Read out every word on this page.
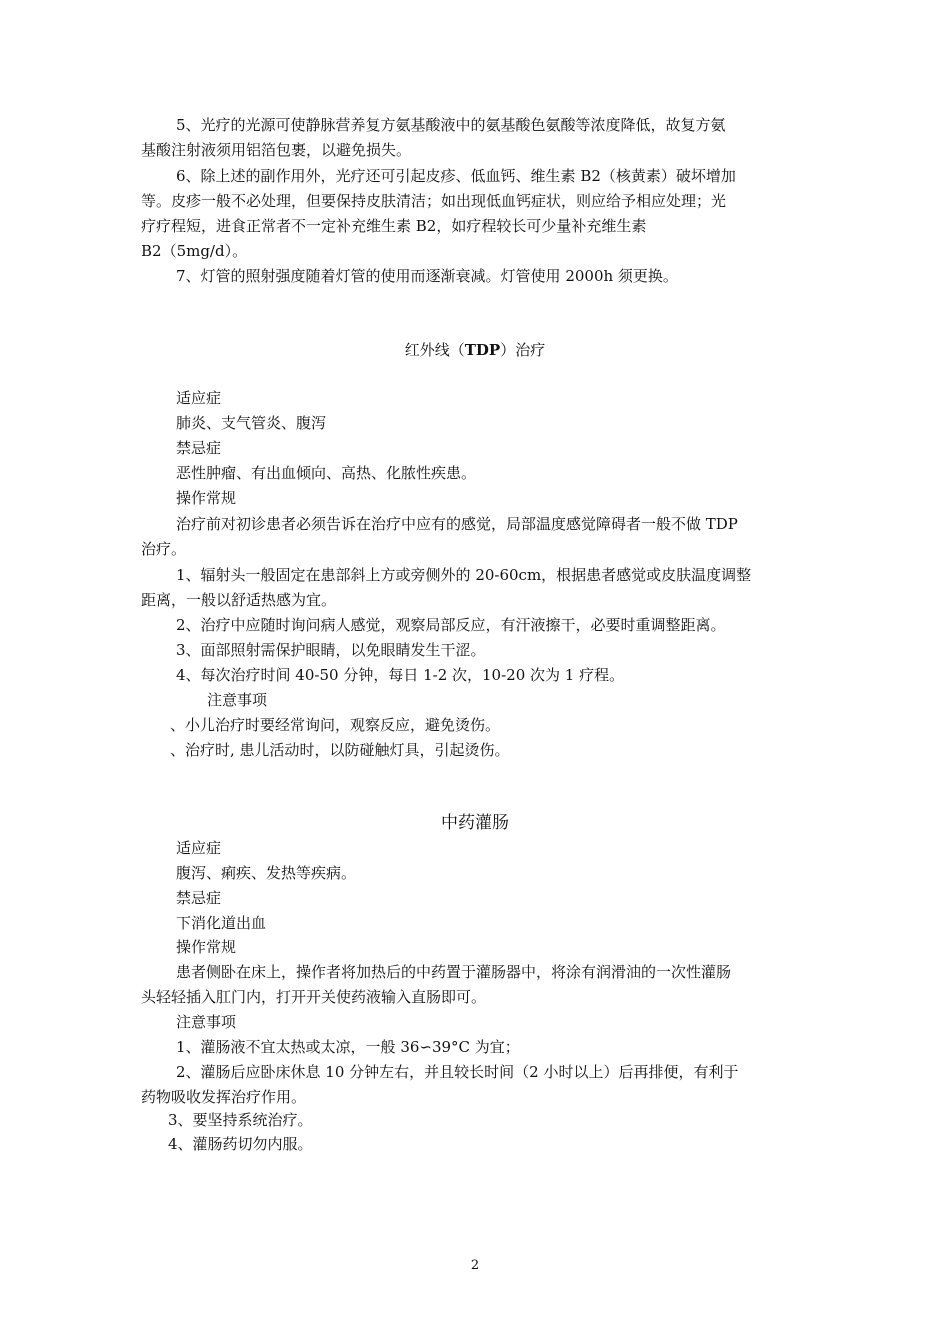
5、光疗的光源可使静脉营养复方氨基酸液中的氨基酸色氨酸等浓度降低，故复方氨
基酸注射液须用铝箔包裹，以避免损失。
6、除上述的副作用外，光疗还可引起皮疹、低血钙、维生素 B2（核黄素）破坏增加
等。皮疹一般不必处理，但要保持皮肤清洁；如出现低血钙症状，则应给予相应处理；光
疗疗程短，进食正常者不一定补充维生素 B2，如疗程较长可少量补充维生素
B2（5mg/d）。
7、灯管的照射强度随着灯管的使用而逐渐衰减。灯管使用 2000h 须更换。
红外线（TDP）治疗
适应症
肺炎、支气管炎、腹泻
禁忌症
恶性肿瘤、有出血倾向、高热、化脓性疾患。
操作常规
治疗前对初诊患者必须告诉在治疗中应有的感觉，局部温度感觉障碍者一般不做 TDP
治疗。
1、辐射头一般固定在患部斜上方或旁侧外的 20-60cm，根据患者感觉或皮肤温度调整
距离，一般以舒适热感为宜。
2、治疗中应随时询问病人感觉，观察局部反应，有汗液擦干，必要时重调整距离。
3、面部照射需保护眼睛，以免眼睛发生干涩。
4、每次治疗时间 40-50 分钟，每日 1-2 次，10-20 次为 1 疗程。
注意事项
、小儿治疗时要经常询问，观察反应，避免烫伤。
、治疗时, 患儿活动时，以防碰触灯具，引起烫伤。
中药灌肠
适应症
腹泻、痢疾、发热等疾病。
禁忌症
下消化道出血
操作常规
患者侧卧在床上，操作者将加热后的中药置于灌肠器中，将涂有润滑油的一次性灌肠
头轻轻插入肛门内，打开开关使药液输入直肠即可。
注意事项
1、灌肠液不宜太热或太凉，一般 36∽39°C 为宜；
2、灌肠后应卧床休息 10 分钟左右，并且较长时间（2 小时以上）后再排便，有利于
药物吸收发挥治疗作用。
3、要坚持系统治疗。
4、灌肠药切勿内服。
2
